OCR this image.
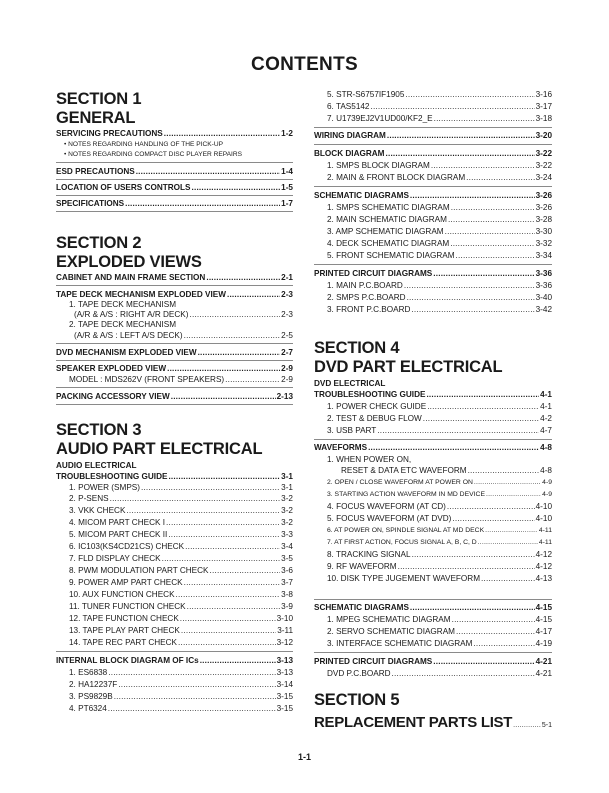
CONTENTS
SECTION 1
GENERAL
SERVICING PRECAUTIONS .....	1-2
• NOTES REGARDING HANDLING OF THE PICK-UP
• NOTES REGARDING COMPACT DISC PLAYER REPAIRS
ESD PRECAUTIONS .....	1-4
LOCATION OF USERS CONTROLS .....	1-5
SPECIFICATIONS .....	1-7
SECTION 2
EXPLODED VIEWS
CABINET AND MAIN FRAME SECTION .....	2-1
TAPE DECK MECHANISM EXPLODED VIEW .....	2-3
1. TAPE DECK MECHANISM
(A/R & A/S : RIGHT A/R DECK) .....	2-3
2. TAPE DECK MECHANISM
(A/R & A/S : LEFT A/S DECK) .....	2-5
DVD MECHANISM EXPLODED VIEW .....	2-7
SPEAKER EXPLODED VIEW .....	2-9
MODEL : MDS262V (FRONT SPEAKERS) .....	2-9
PACKING ACCESSORY VIEW .....	2-13
SECTION 3
AUDIO PART ELECTRICAL
AUDIO ELECTRICAL
TROUBLESHOOTING GUIDE .....	3-1
1. POWER (SMPS) .....	3-1
2. P-SENS .....	3-2
3. VKK CHECK .....	3-2
4. MICOM PART CHECK I .....	3-2
5. MICOM PART CHECK II .....	3-3
6. IC103(KS4CD21CS) CHECK .....	3-4
7. FLD DISPLAY CHECK .....	3-5
8. PWM MODULATION PART CHECK .....	3-6
9. POWER AMP PART CHECK .....	3-7
10. AUX FUNCTION CHECK .....	3-8
11. TUNER FUNCTION CHECK .....	3-9
12. TAPE FUNCTION CHECK .....	3-10
13. TAPE PLAY PART CHECK .....	3-11
14. TAPE REC PART CHECK .....	3-12
INTERNAL BLOCK DIAGRAM OF ICs .....	3-13
1. ES6838 .....	3-13
2. HA12237F .....	3-14
3. PS9829B .....	3-15
4. PT6324 .....	3-15
5. STR-S6757IF1905 .....	3-16
6. TAS5142 .....	3-17
7. U1739EJ2V1UD00/KF2_E .....	3-18
WIRING DIAGRAM .....	3-20
BLOCK DIAGRAM .....	3-22
1. SMPS BLOCK DIAGRAM .....	3-22
2. MAIN & FRONT BLOCK DIAGRAM .....	3-24
SCHEMATIC DIAGRAMS .....	3-26
1. SMPS SCHEMATIC DIAGRAM .....	3-26
2. MAIN SCHEMATIC DIAGRAM .....	3-28
3. AMP SCHEMATIC DIAGRAM .....	3-30
4. DECK SCHEMATIC DIAGRAM .....	3-32
5. FRONT SCHEMATIC DIAGRAM .....	3-34
PRINTED CIRCUIT DIAGRAMS .....	3-36
1. MAIN P.C.BOARD .....	3-36
2. SMPS P.C.BOARD .....	3-40
3. FRONT P.C.BOARD .....	3-42
SECTION 4
DVD PART ELECTRICAL
DVD ELECTRICAL
TROUBLESHOOTING GUIDE .....	4-1
1. POWER CHECK GUIDE .....	4-1
2. TEST & DEBUG FLOW .....	4-2
3. USB PART .....	4-7
WAVEFORMS .....	4-8
1. WHEN POWER ON,
RESET & DATA ETC WAVEFORM .....	4-8
2. OPEN / CLOSE WAVEFORM AT POWER ON .....	4-9
3. STARTING ACTION WAVEFORM IN MD DEVICE .....	4-9
4. FOCUS WAVEFORM (AT CD) .....	4-10
5. FOCUS WAVEFORM (AT DVD) .....	4-10
6. AT POWER ON, SPINDLE SIGNAL AT MD DECK .....	4-11
7. AT FIRST ACTION, FOCUS SIGNAL A, B, C, D .....	4-11
8. TRACKING SIGNAL .....	4-12
9. RF WAVEFORM .....	4-12
10. DISK TYPE JUGEMENT WAVEFORM .....	4-13
SCHEMATIC DIAGRAMS .....	4-15
1. MPEG SCHEMATIC DIAGRAM .....	4-15
2. SERVO SCHEMATIC DIAGRAM .....	4-17
3. INTERFACE SCHEMATIC DIAGRAM .....	4-19
PRINTED CIRCUIT DIAGRAMS .....	4-21
DVD P.C.BOARD .....	4-21
SECTION 5
REPLACEMENT PARTS LIST .....	5-1
1-1
